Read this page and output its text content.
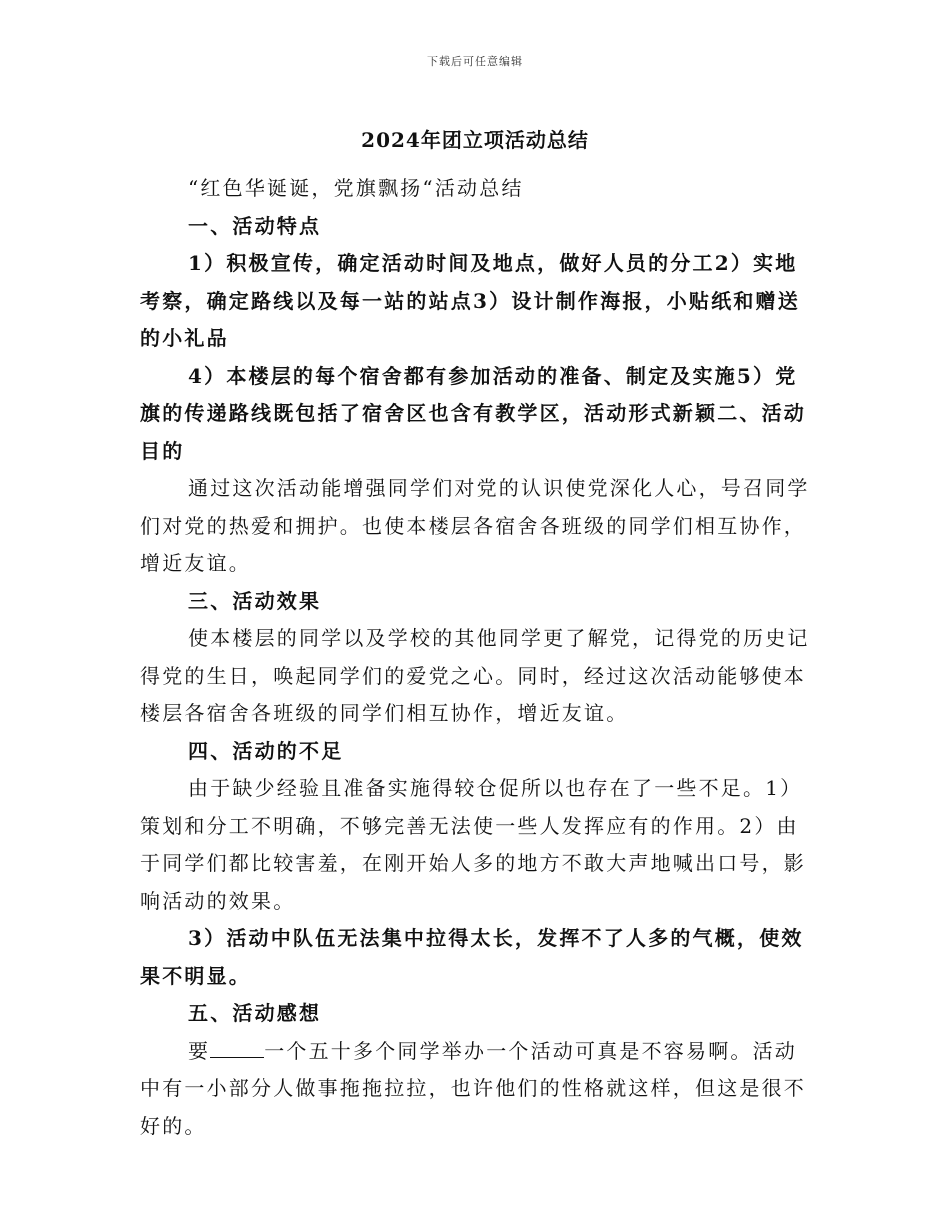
下载后可任意编辑
2024年团立项活动总结

“红色华诞诞，党旗飘扬“活动总结

一、活动特点

1）积极宣传，确定活动时间及地点，做好人员的分工2）实地考察，确定路线以及每一站的站点3）设计制作海报，小贴纸和赠送的小礼品

4）本楼层的每个宿舍都有参加活动的准备、制定及实施5）党旗的传递路线既包括了宿舍区也含有教学区，活动形式新颖二、活动目的

通过这次活动能增强同学们对党的认识使党深化人心，号召同学们对党的热爱和拥护。也使本楼层各宿舍各班级的同学们相互协作，增近友谊。

三、活动效果

使本楼层的同学以及学校的其他同学更了解党，记得党的历史记得党的生日，唤起同学们的爱党之心。同时，经过这次活动能够使本楼层各宿舍各班级的同学们相互协作，增近友谊。

四、活动的不足

由于缺少经验且准备实施得较仓促所以也存在了一些不足。1）策划和分工不明确，不够完善无法使一些人发挥应有的作用。2）由于同学们都比较害羞，在刚开始人多的地方不敢大声地喊出口号，影响活动的效果。

3）活动中队伍无法集中拉得太长，发挥不了人多的气概，使效果不明显。

五、活动感想

要	一个五十多个同学举办一个活动可真是不容易啊。活动中有一小部分人做事拖拖拉拉，也许他们的性格就这样，但这是很不好的。
